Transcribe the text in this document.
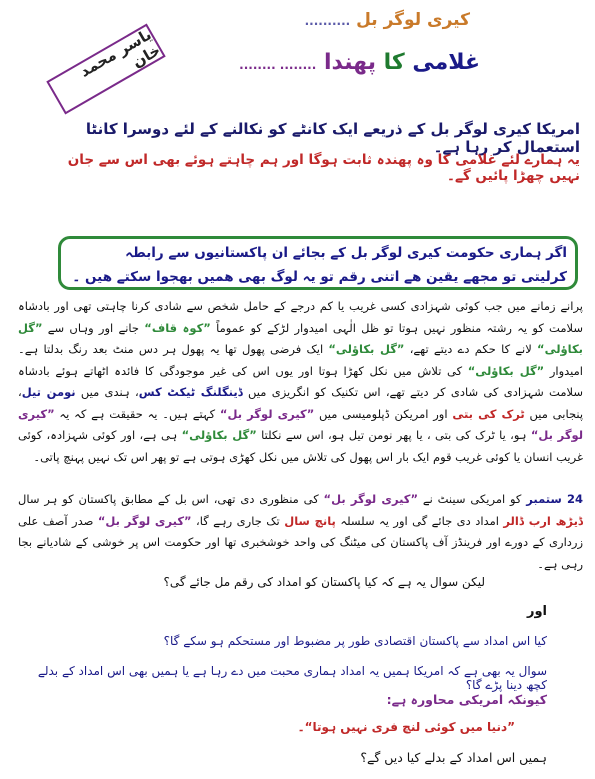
کیری لوگر بل ..........
غلامی کا پھندا ........ ........
یاسر محمد خان
امریکا کیری لوگر بل کے ذریعے ایک کانٹے کو نکالنے کے لئے دوسرا کانٹا استعمال کر رہا ہے۔
یہ ہمارے لئے غلامی کا وہ پھندہ ثابت ہوگا اور ہم چاہتے ہوئے بھی اس سے جان نہیں چھڑا پائیں گے۔
اگر ہماری حکومت کیری لوگر بل کے بجائے ان پاکستانیوں سے رابطہ
کرلیتی تو مجھے یقین ھے اتنی رقم تو یہ لوگ بھی ھمیں بھجوا سکتے ھیں ۔
پرانے زمانے میں جب کوئی شہزادی کسی غریب یا کم درجے کے حامل شخص سے شادی کرنا چاہتی تھی اور بادشاہ سلامت کو یہ رشتہ منظور نہیں ہوتا تو ظل الٰہی امیدوار لڑکے کو عموماً ”کوہ قاف“ جانے اور وہاں سے ”گل بکاؤلی“ لانے کا حکم دے دیتے تھے، ”گل بکاؤلی“ ایک فرضی پھول تھا یہ پھول ہر دس منٹ بعد رنگ بدلتا ہے۔ امیدوار ”گل بکاؤلی“ کی تلاش میں نکل کھڑا ہوتا اور یوں اس کی غیر موجودگی کا فائدہ اٹھاتے ہوئے بادشاہ سلامت شہزادی کی شادی کر دیتے تھے، اس تکنیک کو انگریزی میں ڈینگلنگ ٹیکٹ کس، ہندی میں نومن تیل، پنجابی میں ٹرک کی بتی اور امریکن ڈپلومیسی میں ”کیری لوگر بل“ کہتے ہیں۔ یہ حقیقت ہے کہ یہ ”کیری لوگر بل“ ہو، یا ٹرک کی بتی ، یا پھر نومن تیل ہو، اس سے نکلتا ”گل بکاؤلی“ ہی ہے، اور کوئی شہزادہ، کوئی غریب انسان یا کوئی غریب قوم ایک بار اس پھول کی تلاش میں نکل کھڑی ہوتی ہے تو پھر اس تک نہیں پہنچ پاتی۔
24 ستمبر کو امریکی سینٹ نے ”کیری لوگر بل“ کی منظوری دی تھی، اس بل کے مطابق پاکستان کو ہر سال ڈیڑھ ارب ڈالر امداد دی جائے گی اور یہ سلسلہ پانچ سال تک جاری رہے گا، ”کیری لوگر بل“ صدر آصف علی زرداری کے دورے اور فرینڈز آف پاکستان کی میٹنگ کی واحد خوشخبری تھا اور حکومت اس پر خوشی کے شادیانے بجا رہی ہے۔
لیکن سوال یہ ہے کہ کیا پاکستان کو امداد کی رقم مل جائے گی؟
اور
کیا اس امداد سے پاکستان اقتصادی طور پر مضبوط اور مستحکم ہو سکے گا؟
سوال یہ بھی ہے کہ امریکا ہمیں یہ امداد ہماری محبت میں دے رہا ہے یا ہمیں بھی اس امداد کے بدلے کچھ دینا پڑے گا؟
کیونکہ امریکی محاورہ ہے:
”دنیا میں کوئی لنچ فری نہیں ہوتا“۔
ہمیں اس امداد کے بدلے کیا دیں گے؟
